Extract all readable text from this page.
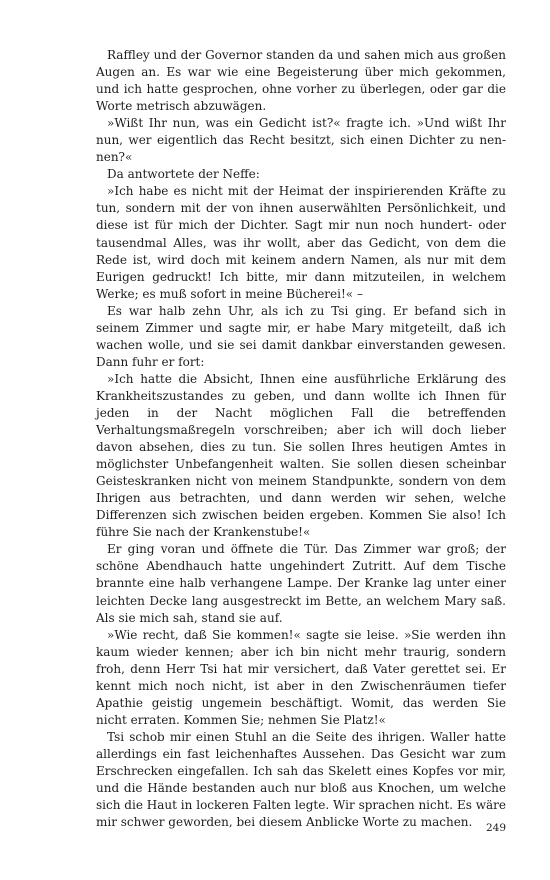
Raffley und der Governor standen da und sahen mich aus großen Augen an. Es war wie eine Begeisterung über mich gekommen, und ich hatte gesprochen, ohne vorher zu überlegen, oder gar die Worte metrisch abzuwägen.

»Wißt Ihr nun, was ein Gedicht ist?« fragte ich. »Und wißt Ihr nun, wer eigentlich das Recht besitzt, sich einen Dichter zu nennen?«

Da antwortete der Neffe:

»Ich habe es nicht mit der Heimat der inspirierenden Kräfte zu tun, sondern mit der von ihnen auserwählten Persönlichkeit, und diese ist für mich der Dichter. Sagt mir nun noch hundert- oder tausendmal Alles, was ihr wollt, aber das Gedicht, von dem die Rede ist, wird doch mit keinem andern Namen, als nur mit dem Eurigen gedruckt! Ich bitte, mir dann mitzuteilen, in welchem Werke; es muß sofort in meine Bücherei!« –

Es war halb zehn Uhr, als ich zu Tsi ging. Er befand sich in seinem Zimmer und sagte mir, er habe Mary mitgeteilt, daß ich wachen wolle, und sie sei damit dankbar einverstanden gewesen. Dann fuhr er fort:

»Ich hatte die Absicht, Ihnen eine ausführliche Erklärung des Krankheitszustandes zu geben, und dann wollte ich Ihnen für jeden in der Nacht möglichen Fall die betreffenden Verhaltungsmaßregeln vorschreiben; aber ich will doch lieber davon absehen, dies zu tun. Sie sollen Ihres heutigen Amtes in möglichster Unbefangenheit walten. Sie sollen diesen scheinbar Geisteskranken nicht von meinem Standpunkte, sondern von dem Ihrigen aus betrachten, und dann werden wir sehen, welche Differenzen sich zwischen beiden ergeben. Kommen Sie also! Ich führe Sie nach der Krankenstube!«

Er ging voran und öffnete die Tür. Das Zimmer war groß; der schöne Abendhauch hatte ungehindert Zutritt. Auf dem Tische brannte eine halb verhangene Lampe. Der Kranke lag unter einer leichten Decke lang ausgestreckt im Bette, an welchem Mary saß. Als sie mich sah, stand sie auf.

»Wie recht, daß Sie kommen!« sagte sie leise. »Sie werden ihn kaum wieder kennen; aber ich bin nicht mehr traurig, sondern froh, denn Herr Tsi hat mir versichert, daß Vater gerettet sei. Er kennt mich noch nicht, ist aber in den Zwischenräumen tiefer Apathie geistig ungemein beschäftigt. Womit, das werden Sie nicht erraten. Kommen Sie; nehmen Sie Platz!«

Tsi schob mir einen Stuhl an die Seite des ihrigen. Waller hatte allerdings ein fast leichenhaftes Aussehen. Das Gesicht war zum Erschrecken eingefallen. Ich sah das Skelett eines Kopfes vor mir, und die Hände bestanden auch nur bloß aus Knochen, um welche sich die Haut in lockeren Falten legte. Wir sprachen nicht. Es wäre mir schwer geworden, bei diesem Anblicke Worte zu machen.	249
